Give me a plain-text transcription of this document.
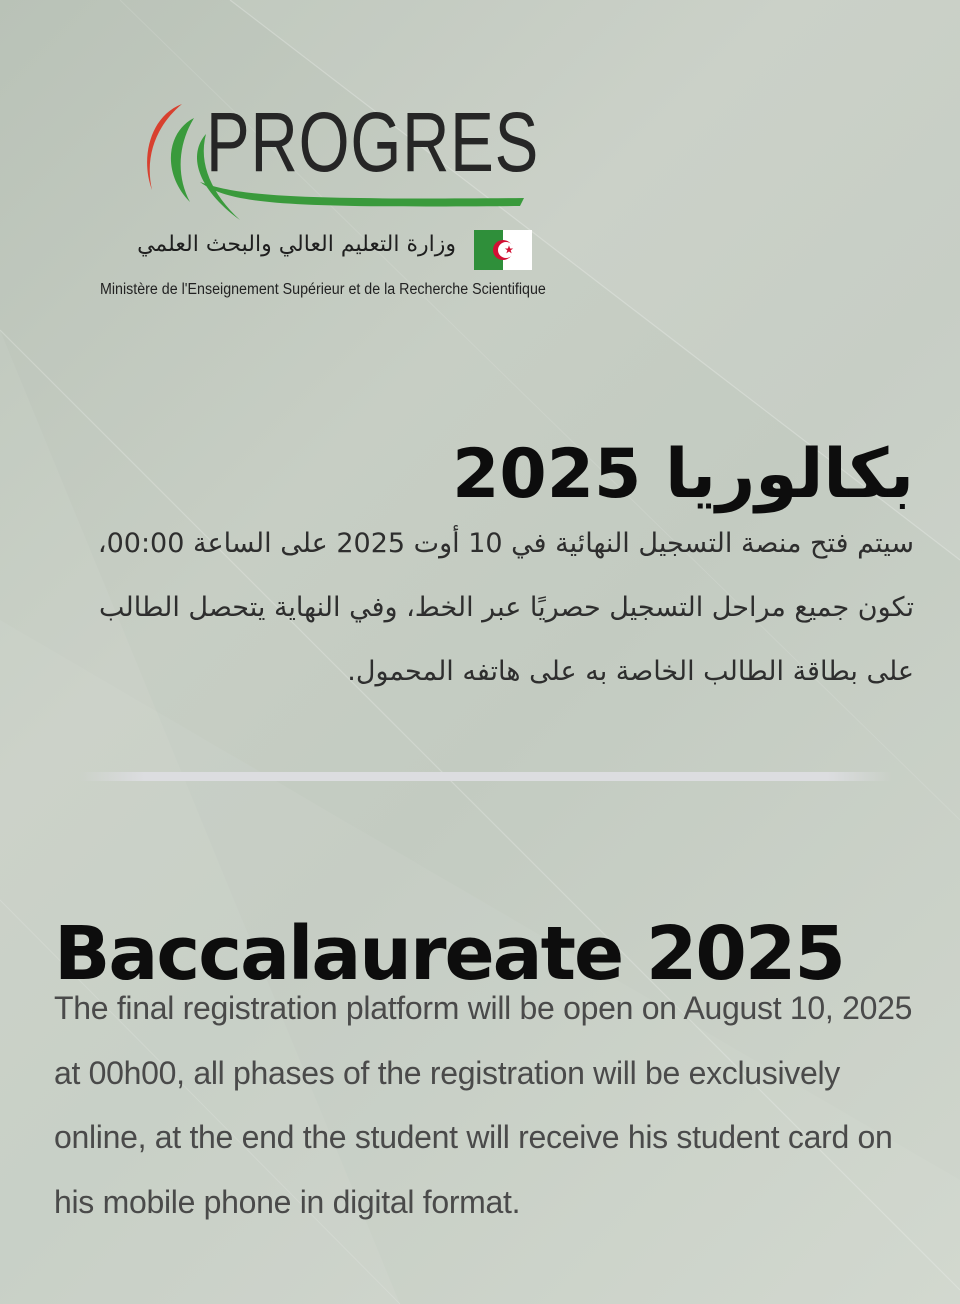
PROGRES
وزارة التعليم العالي والبحث العلمي
Ministère de l'Enseignement Supérieur et de la Recherche Scientifique
بكالوريا 2025

سيتم فتح منصة التسجيل النهائية في 10 أوت 2025 على الساعة 00:00، تكون جميع مراحل التسجيل حصريًا عبر الخط، وفي النهاية يتحصل الطالب على بطاقة الطالب الخاصة به على هاتفه المحمول.

Baccalaureate 2025

The final registration platform will be open on August 10, 2025 at 00h00, all phases of the registration will be exclusively online, at the end the student will receive his student card on his mobile phone in digital format.
